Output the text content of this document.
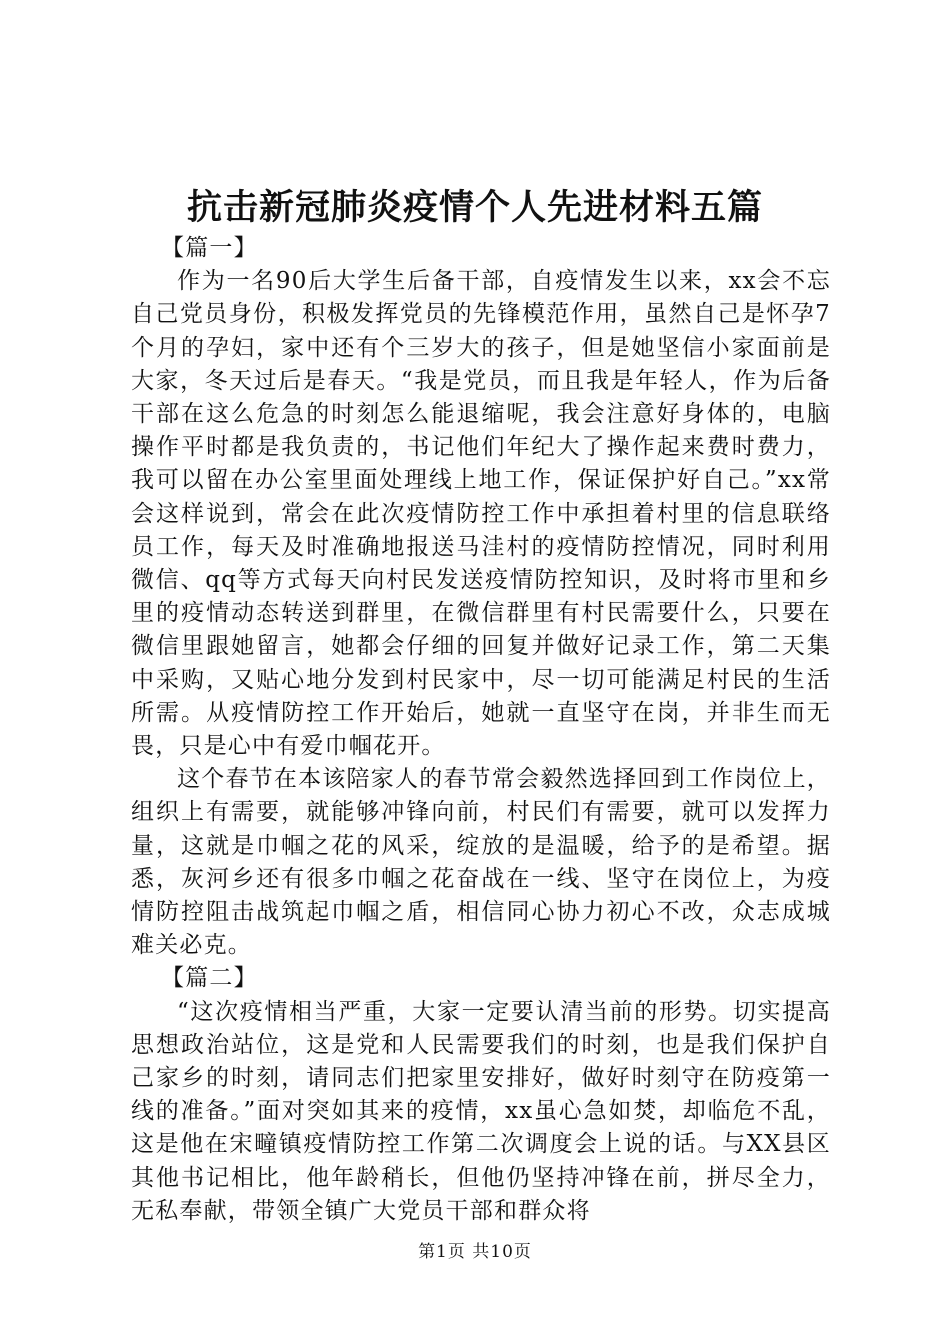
抗击新冠肺炎疫情个人先进材料五篇

【篇一】

作为一名90后大学生后备干部，自疫情发生以来，xx会不忘自己党员身份，积极发挥党员的先锋模范作用，虽然自己是怀孕7个月的孕妇，家中还有个三岁大的孩子，但是她坚信小家面前是大家，冬天过后是春天。“我是党员，而且我是年轻人，作为后备干部在这么危急的时刻怎么能退缩呢，我会注意好身体的，电脑操作平时都是我负责的，书记他们年纪大了操作起来费时费力，我可以留在办公室里面处理线上地工作，保证保护好自己。”xx常会这样说到，常会在此次疫情防控工作中承担着村里的信息联络员工作，每天及时准确地报送马洼村的疫情防控情况，同时利用微信、qq等方式每天向村民发送疫情防控知识，及时将市里和乡里的疫情动态转送到群里，在微信群里有村民需要什么，只要在微信里跟她留言，她都会仔细的回复并做好记录工作，第二天集中采购，又贴心地分发到村民家中，尽一切可能满足村民的生活所需。从疫情防控工作开始后，她就一直坚守在岗，并非生而无畏，只是心中有爱巾帼花开。

这个春节在本该陪家人的春节常会毅然选择回到工作岗位上，组织上有需要，就能够冲锋向前，村民们有需要，就可以发挥力量，这就是巾帼之花的风采，绽放的是温暖，给予的是希望。据悉，灰河乡还有很多巾帼之花奋战在一线、坚守在岗位上，为疫情防控阻击战筑起巾帼之盾，相信同心协力初心不改，众志成城难关必克。

【篇二】

“这次疫情相当严重，大家一定要认清当前的形势。切实提高思想政治站位，这是党和人民需要我们的时刻，也是我们保护自己家乡的时刻，请同志们把家里安排好，做好时刻守在防疫第一线的准备。”面对突如其来的疫情，xx虽心急如焚，却临危不乱，这是他在宋疃镇疫情防控工作第二次调度会上说的话。与XX县区其他书记相比，他年龄稍长，但他仍坚持冲锋在前，拼尽全力，无私奉献，带领全镇广大党员干部和群众将

第1页 共10页
